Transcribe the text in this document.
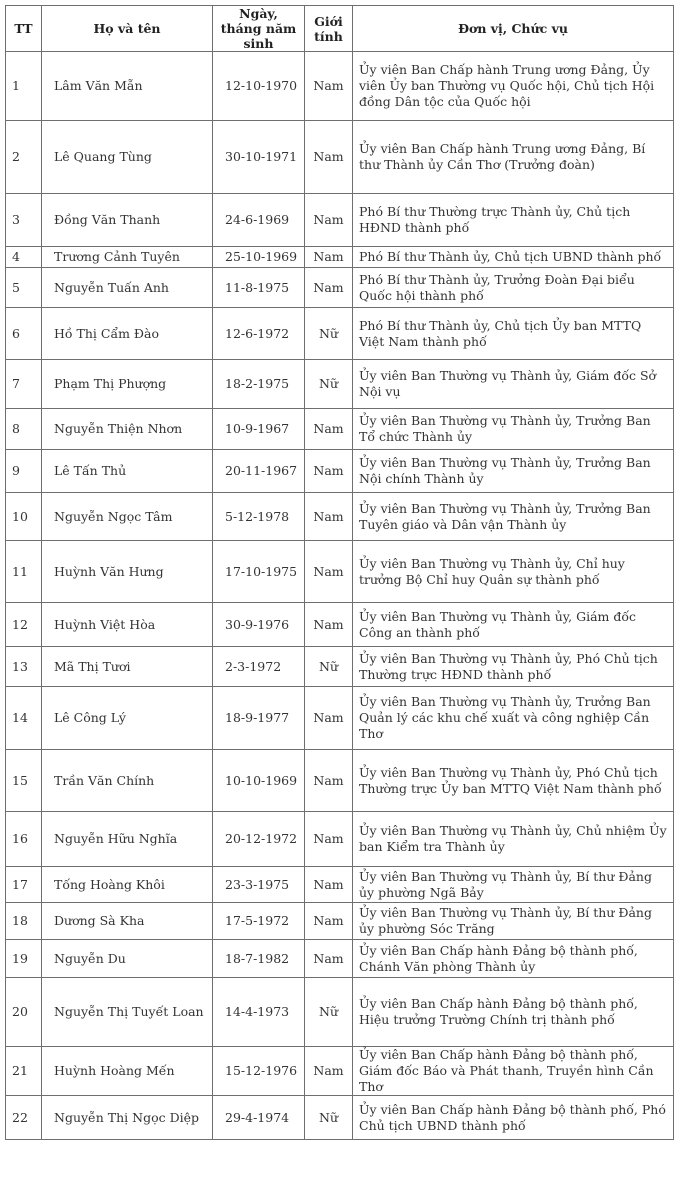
TT	Họ và tên	Ngày, tháng năm sinh	Giới tính	Đơn vị, Chức vụ
1	Lâm Văn Mẫn	12-10-1970	Nam	Ủy viên Ban Chấp hành Trung ương Đảng, Ủy viên Ủy ban Thường vụ Quốc hội, Chủ tịch Hội đồng Dân tộc của Quốc hội
2	Lê Quang Tùng	30-10-1971	Nam	Ủy viên Ban Chấp hành Trung ương Đảng, Bí thư Thành ủy Cần Thơ (Trưởng đoàn)
3	Đồng Văn Thanh	24-6-1969	Nam	Phó Bí thư Thường trực Thành ủy, Chủ tịch HĐND thành phố
4	Trương Cảnh Tuyên	25-10-1969	Nam	Phó Bí thư Thành ủy, Chủ tịch UBND thành phố
5	Nguyễn Tuấn Anh	11-8-1975	Nam	Phó Bí thư Thành ủy, Trưởng Đoàn Đại biểu Quốc hội thành phố
6	Hồ Thị Cẩm Đào	12-6-1972	Nữ	Phó Bí thư Thành ủy, Chủ tịch Ủy ban MTTQ Việt Nam thành phố
7	Phạm Thị Phượng	18-2-1975	Nữ	Ủy viên Ban Thường vụ Thành ủy, Giám đốc Sở Nội vụ
8	Nguyễn Thiện Nhơn	10-9-1967	Nam	Ủy viên Ban Thường vụ Thành ủy, Trưởng Ban Tổ chức Thành ủy
9	Lê Tấn Thủ	20-11-1967	Nam	Ủy viên Ban Thường vụ Thành ủy, Trưởng Ban Nội chính Thành ủy
10	Nguyễn Ngọc Tâm	5-12-1978	Nam	Ủy viên Ban Thường vụ Thành ủy, Trưởng Ban Tuyên giáo và Dân vận Thành ủy
11	Huỳnh Văn Hưng	17-10-1975	Nam	Ủy viên Ban Thường vụ Thành ủy, Chỉ huy trưởng Bộ Chỉ huy Quân sự thành phố
12	Huỳnh Việt Hòa	30-9-1976	Nam	Ủy viên Ban Thường vụ Thành ủy, Giám đốc Công an thành phố
13	Mã Thị Tươi	2-3-1972	Nữ	Ủy viên Ban Thường vụ Thành ủy, Phó Chủ tịch Thường trực HĐND thành phố
14	Lê Công Lý	18-9-1977	Nam	Ủy viên Ban Thường vụ Thành ủy, Trưởng Ban Quản lý các khu chế xuất và công nghiệp Cần Thơ
15	Trần Văn Chính	10-10-1969	Nam	Ủy viên Ban Thường vụ Thành ủy, Phó Chủ tịch Thường trực Ủy ban MTTQ Việt Nam thành phố
16	Nguyễn Hữu Nghĩa	20-12-1972	Nam	Ủy viên Ban Thường vụ Thành ủy, Chủ nhiệm Ủy ban Kiểm tra Thành ủy
17	Tống Hoàng Khôi	23-3-1975	Nam	Ủy viên Ban Thường vụ Thành ủy, Bí thư Đảng ủy phường Ngã Bảy
18	Dương Sà Kha	17-5-1972	Nam	Ủy viên Ban Thường vụ Thành ủy, Bí thư Đảng ủy phường Sóc Trăng
19	Nguyễn Du	18-7-1982	Nam	Ủy viên Ban Chấp hành Đảng bộ thành phố, Chánh Văn phòng Thành ủy
20	Nguyễn Thị Tuyết Loan	14-4-1973	Nữ	Ủy viên Ban Chấp hành Đảng bộ thành phố, Hiệu trưởng Trường Chính trị thành phố
21	Huỳnh Hoàng Mến	15-12-1976	Nam	Ủy viên Ban Chấp hành Đảng bộ thành phố, Giám đốc Báo và Phát thanh, Truyền hình Cần Thơ
22	Nguyễn Thị Ngọc Diệp	29-4-1974	Nữ	Ủy viên Ban Chấp hành Đảng bộ thành phố, Phó Chủ tịch UBND thành phố
